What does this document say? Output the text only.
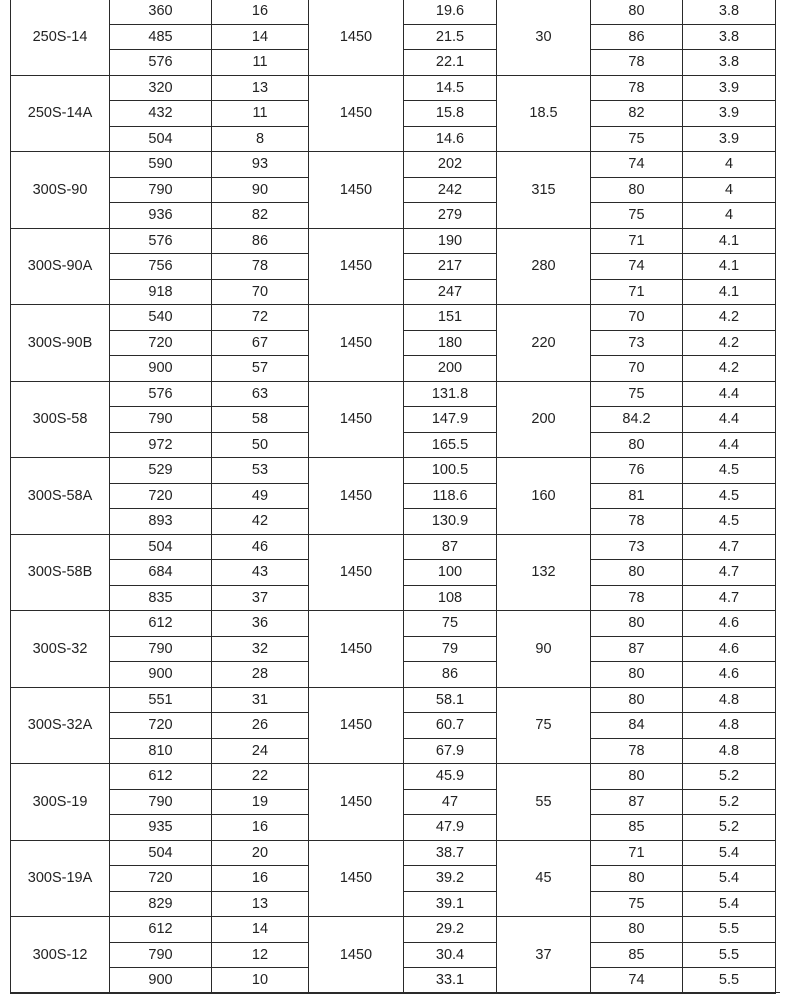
250S-14	360	16	1450	19.6	30	80	3.8
	485	14		21.5		86	3.8
	576	11		22.1		78	3.8
250S-14A	320	13	1450	14.5	18.5	78	3.9
	432	11		15.8		82	3.9
	504	8		14.6		75	3.9
300S-90	590	93	1450	202	315	74	4
	790	90		242		80	4
	936	82		279		75	4
300S-90A	576	86	1450	190	280	71	4.1
	756	78		217		74	4.1
	918	70		247		71	4.1
300S-90B	540	72	1450	151	220	70	4.2
	720	67		180		73	4.2
	900	57		200		70	4.2
300S-58	576	63	1450	131.8	200	75	4.4
	790	58		147.9		84.2	4.4
	972	50		165.5		80	4.4
300S-58A	529	53	1450	100.5	160	76	4.5
	720	49		118.6		81	4.5
	893	42		130.9		78	4.5
300S-58B	504	46	1450	87	132	73	4.7
	684	43		100		80	4.7
	835	37		108		78	4.7
300S-32	612	36	1450	75	90	80	4.6
	790	32		79		87	4.6
	900	28		86		80	4.6
300S-32A	551	31	1450	58.1	75	80	4.8
	720	26		60.7		84	4.8
	810	24		67.9		78	4.8
300S-19	612	22	1450	45.9	55	80	5.2
	790	19		47		87	5.2
	935	16		47.9		85	5.2
300S-19A	504	20	1450	38.7	45	71	5.4
	720	16		39.2		80	5.4
	829	13		39.1		75	5.4
300S-12	612	14	1450	29.2	37	80	5.5
	790	12		30.4		85	5.5
	900	10		33.1		74	5.5
